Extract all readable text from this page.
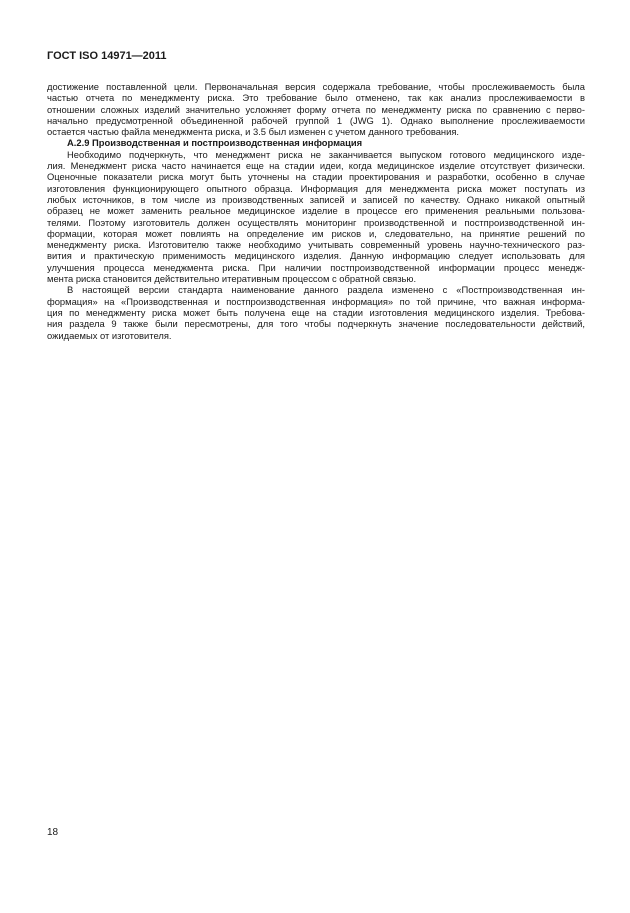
ГОСТ ISO 14971—2011
достижение поставленной цели. Первоначальная версия содержала требование, чтобы прослеживаемость была
частью отчета по менеджменту риска. Это требование было отменено, так как анализ прослеживаемости в
отношении сложных изделий значительно усложняет форму отчета по менеджменту риска по сравнению с перво-
начально предусмотренной объединенной рабочей группой 1 (JWG 1). Однако выполнение прослеживаемости
остается частью файла менеджмента риска, и 3.5 был изменен с учетом данного требования.
А.2.9 Производственная и постпроизводственная информация
Необходимо подчеркнуть, что менеджмент риска не заканчивается выпуском готового медицинского изде-
лия. Менеджмент риска часто начинается еще на стадии идеи, когда медицинское изделие отсутствует физически.
Оценочные показатели риска могут быть уточнены на стадии проектирования и разработки, особенно в случае
изготовления функционирующего опытного образца. Информация для менеджмента риска может поступать из
любых источников, в том числе из производственных записей и записей по качеству. Однако никакой опытный
образец не может заменить реальное медицинское изделие в процессе его применения реальными пользова-
телями. Поэтому изготовитель должен осуществлять мониторинг производственной и постпроизводственной ин-
формации, которая может повлиять на определение им рисков и, следовательно, на принятие решений по
менеджменту риска. Изготовителю также необходимо учитывать современный уровень научно-технического раз-
вития и практическую применимость медицинского изделия. Данную информацию следует использовать для
улучшения процесса менеджмента риска. При наличии постпроизводственной информации процесс менедж-
мента риска становится действительно итеративным процессом с обратной связью.
В настоящей версии стандарта наименование данного раздела изменено с «Постпроизводственная ин-
формация» на «Производственная и постпроизводственная информация» по той причине, что важная информа-
ция по менеджменту риска может быть получена еще на стадии изготовления медицинского изделия. Требова-
ния раздела 9 также были пересмотрены, для того чтобы подчеркнуть значение последовательности действий,
ожидаемых от изготовителя.
18
